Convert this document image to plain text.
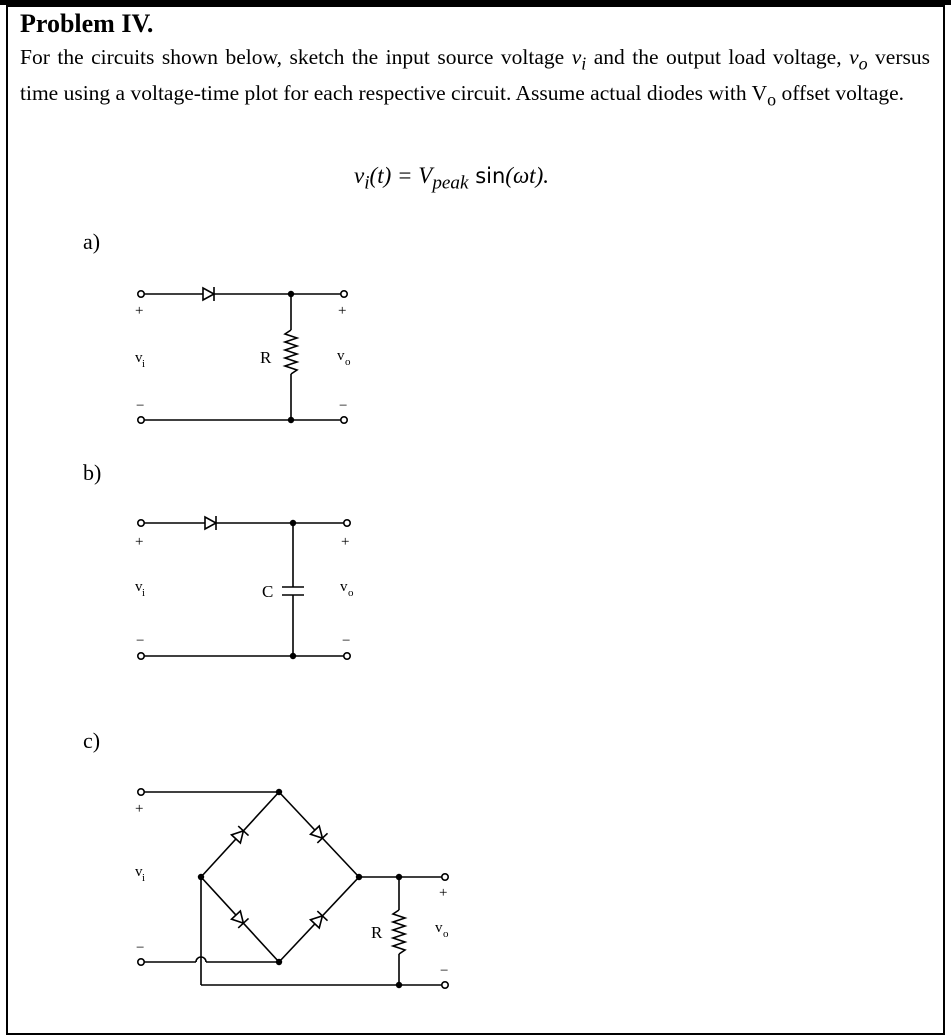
Problem IV.

For the circuits shown below, sketch the input source voltage $v_i$ and the output load voltage, $v_o$ versus time using a voltage-time plot for each respective circuit. Assume actual diodes with $V_o$ offset voltage.

$v_i(t) = V_{peak}$ sin(ωt).
a)
b)
c)
+
v i
−
R
+
v o
−
+
v i
−
C
+
v o
−
+
v i
−
R
+
v o
−
